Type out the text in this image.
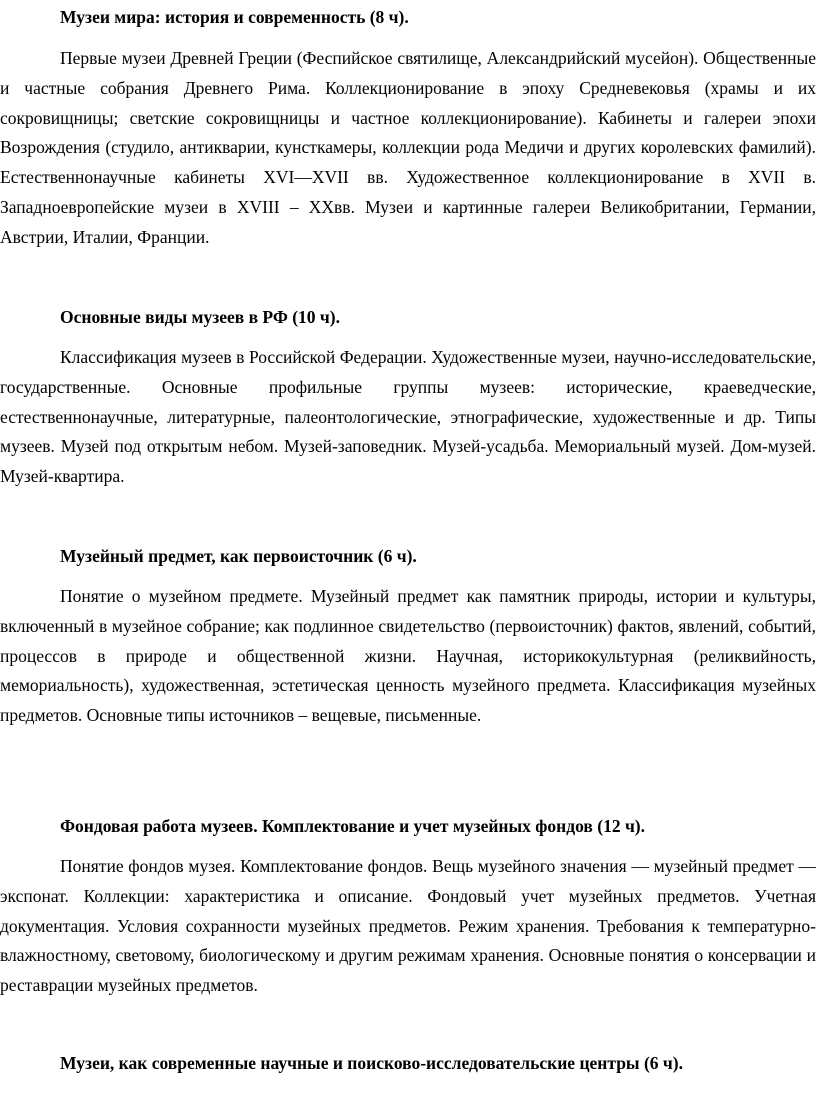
Музеи мира: история и современность (8 ч).

Первые музеи Древней Греции (Феспийское святилище, Александрийский мусейон). Общественные и частные собрания Древнего Рима. Коллекционирование в эпоху Средневековья (храмы и их сокровищницы; светские сокровищницы и частное коллекционирование). Кабинеты и галереи эпохи Возрождения (студило, антикварии, кунсткамеры, коллекции рода Медичи и других королевских фамилий). Естественнонаучные кабинеты XVI—XVII вв. Художественное коллекционирование в XVII в. Западноевропейские музеи в XVIII – XXвв. Музеи и картинные галереи Великобритании, Германии, Австрии, Италии, Франции.

Основные виды музеев в РФ (10 ч).

Классификация музеев в Российской Федерации. Художественные музеи, научно-исследовательские, государственные. Основные профильные группы музеев: исторические, краеведческие, естественнонаучные, литературные, палеонтологические, этнографические, художественные и др. Типы музеев. Музей под открытым небом. Музей-заповедник. Музей-усадьба. Мемориальный музей. Дом-музей. Музей-квартира.

Музейный предмет, как первоисточник (6 ч).

Понятие о музейном предмете. Музейный предмет как памятник природы, истории и культуры, включенный в музейное собрание; как подлинное свидетельство (первоисточник) фактов, явлений, событий, процессов в природе и общественной жизни. Научная, историкокультурная (реликвийность, мемориальность), художественная, эстетическая ценность музейного предмета. Классификация музейных предметов. Основные типы источников – вещевые, письменные.

Фондовая работа музеев. Комплектование и учет музейных фондов (12 ч).

Понятие фондов музея. Комплектование фондов. Вещь музейного значения — музейный предмет — экспонат. Коллекции: характеристика и описание. Фондовый учет музейных предметов. Учетная документация. Условия сохранности музейных предметов. Режим хранения. Требования к температурно-влажностному, световому, биологическому и другим режимам хранения. Основные понятия о консервации и реставрации музейных предметов.

Музеи, как современные научные и поисково-исследовательские центры (6 ч).
